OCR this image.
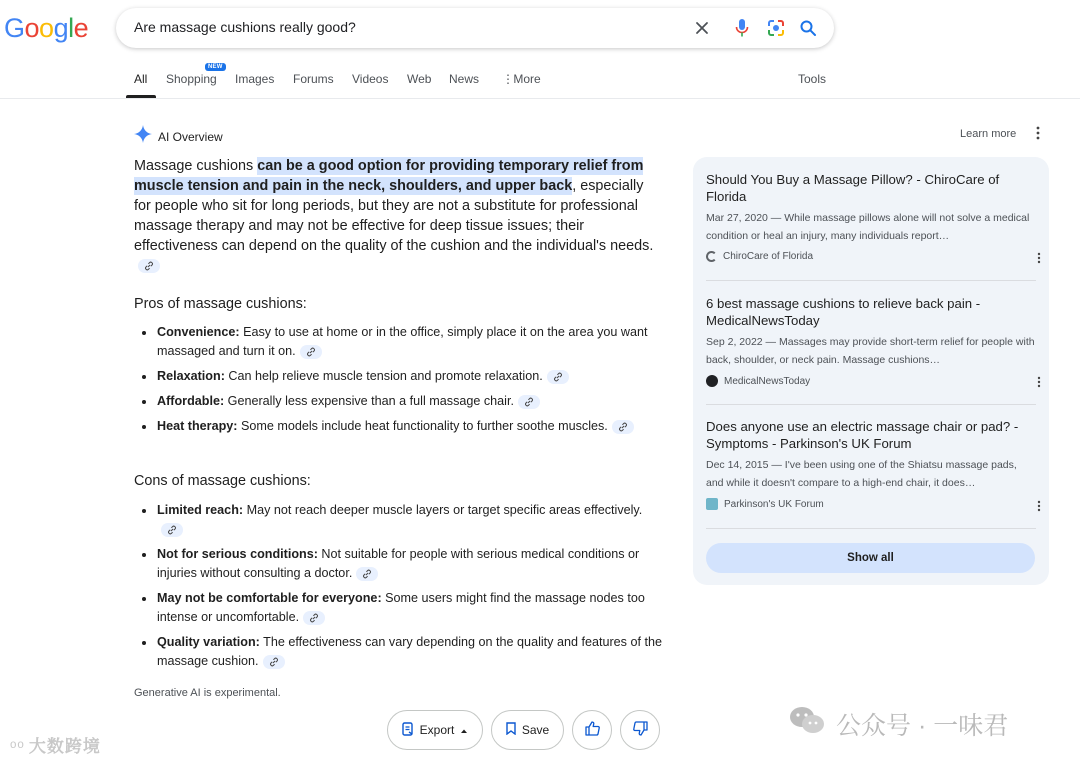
Google	Are massage cushions really good?
All
NEW
Shopping Images Forums Videos Web News ⋮ More	Tools
AI Overview	Learn more
Massage cushions can be a good option for providing temporary relief from muscle tension and pain in the neck, shoulders, and upper back, especially for people who sit for long periods, but they are not a substitute for professional massage therapy and may not be effective for deep tissue issues; their effectiveness can depend on the quality of the cushion and the individual's needs.
Pros of massage cushions:
Convenience: Easy to use at home or in the office, simply place it on the area you want massaged and turn it on.
Relaxation: Can help relieve muscle tension and promote relaxation.
Affordable: Generally less expensive than a full massage chair.
Heat therapy: Some models include heat functionality to further soothe muscles.
Cons of massage cushions:
Limited reach: May not reach deeper muscle layers or target specific areas effectively.
Not for serious conditions: Not suitable for people with serious medical conditions or injuries without consulting a doctor.
May not be comfortable for everyone: Some users might find the massage nodes too intense or uncomfortable.
Quality variation: The effectiveness can vary depending on the quality and features of the massage cushion.
Generative AI is experimental.
Export	Save
Should You Buy a Massage Pillow? - ChiroCare of Florida
Mar 27, 2020 — While massage pillows alone will not solve a medical condition or heal an injury, many individuals report…
ChiroCare of Florida
6 best massage cushions to relieve back pain - MedicalNewsToday
Sep 2, 2022 — Massages may provide short-term relief for people with back, shoulder, or neck pain. Massage cushions…
MedicalNewsToday
Does anyone use an electric massage chair or pad? - Symptoms - Parkinson's UK Forum
Dec 14, 2015 — I've been using one of the Shiatsu massage pads, and while it doesn't compare to a high-end chair, it does…
Parkinson's UK Forum
Show all
ᵒᵒ 大数跨境
公众号 · 一味君
